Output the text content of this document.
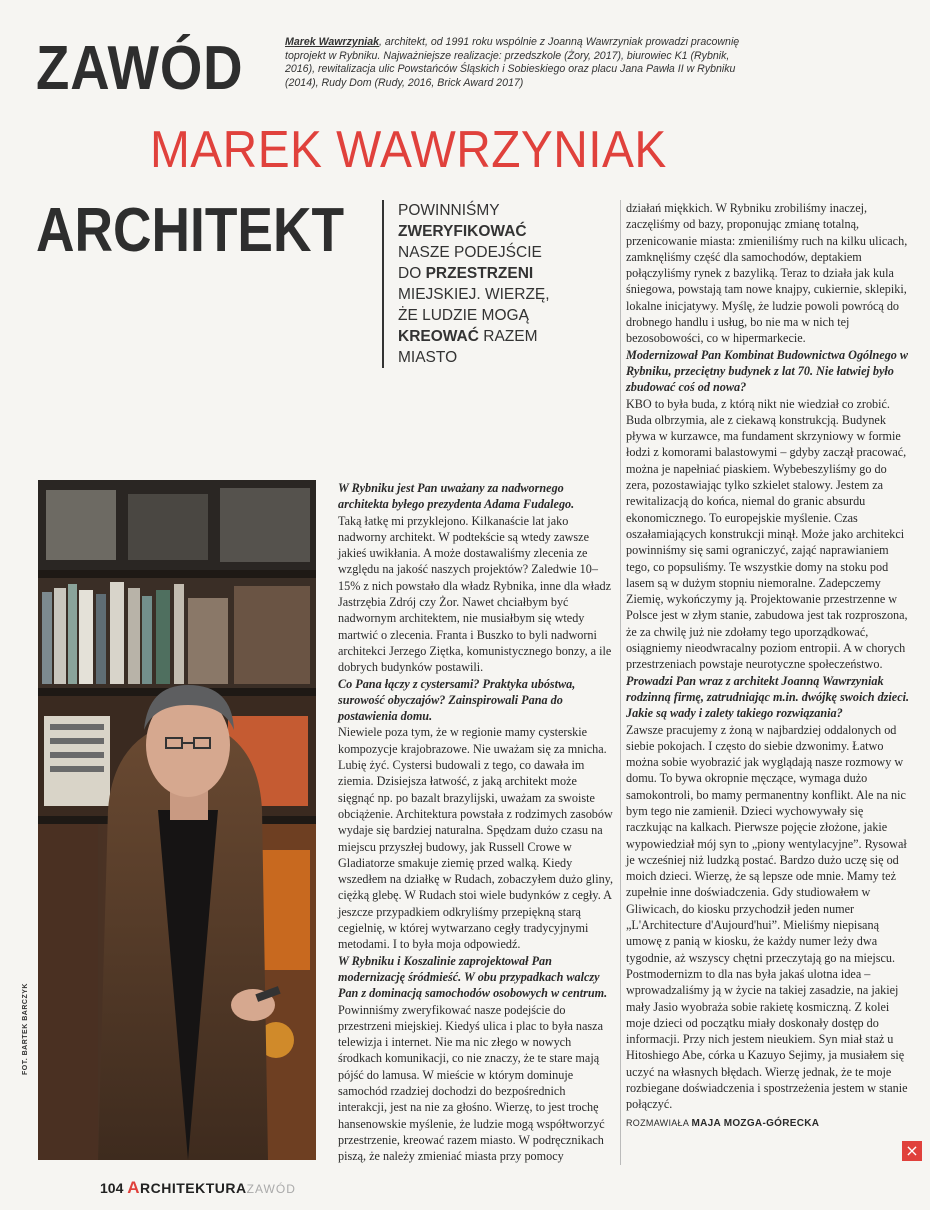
ZAWÓD	Marek Wawrzyniak, architekt, od 1991 roku wspólnie z Joanną Wawrzyniak prowadzi pracownię toprojekt w Rybniku. Najważniejsze realizacje: przedszkole (Żory, 2017), biurowiec K1 (Rybnik, 2016), rewitalizacja ulic Powstańców Śląskich i Sobieskiego oraz placu Jana Pawła II w Rybniku (2014), Rudy Dom (Rudy, 2016, Brick Award 2017)
MAREK WAWRZYNIAK
ARCHITEKT	POWINNIŚMY
ZWERYFIKOWAĆ
NASZE PODEJŚCIE
DO PRZESTRZENI
MIEJSKIEJ. WIERZĘ,
ŻE LUDZIE MOGĄ
KREOWAĆ RAZEM
MIASTO
FOT. BARTEK BARCZYK

W Rybniku jest Pan uważany za nadwornego architekta byłego prezydenta Adama Fudalego.

Taką łatkę mi przyklejono. Kilkanaście lat jako nadworny architekt. W podtekście są wtedy zawsze jakieś uwikłania. A może dostawaliśmy zlecenia ze względu na jakość naszych projektów? Zaledwie 10–15% z nich powstało dla władz Rybnika, inne dla władz Jastrzębia Zdrój czy Żor. Nawet chciałbym być nadwornym architektem, nie musiałbym się wtedy martwić o zlecenia. Franta i Buszko to byli nadworni architekci Jerzego Ziętka, komunistycznego bonzy, a ile dobrych budynków postawili.

Co Pana łączy z cystersami? Praktyka ubóstwa, surowość obyczajów? Zainspirowali Pana do postawienia domu.

Niewiele poza tym, że w regionie mamy cysterskie kompozycje krajobrazowe. Nie uważam się za mnicha. Lubię żyć. Cystersi budowali z tego, co dawała im ziemia. Dzisiejsza łatwość, z jaką architekt może sięgnąć np. po bazalt brazylijski, uważam za swoiste obciążenie. Architektura powstała z rodzimych zasobów wydaje się bardziej naturalna. Spędzam dużo czasu na miejscu przyszłej budowy, jak Russell Crowe w Gladiatorze smakuje ziemię przed walką. Kiedy wszedłem na działkę w Rudach, zobaczyłem dużo gliny, ciężką glebę. W Rudach stoi wiele budynków z cegły. A jeszcze przypadkiem odkryliśmy przepiękną starą cegielnię, w której wytwarzano cegły tradycyjnymi metodami. I to była moja odpowiedź.

W Rybniku i Koszalinie zaprojektował Pan modernizację śródmieść. W obu przypadkach walczy Pan z dominacją samochodów osobowych w centrum.

Powinniśmy zweryfikować nasze podejście do przestrzeni miejskiej. Kiedyś ulica i plac to była nasza telewizja i internet. Nie ma nic złego w nowych środkach komunikacji, co nie znaczy, że te stare mają pójść do lamusa. W mieście w którym dominuje samochód rzadziej dochodzi do bezpośrednich interakcji, jest na nie za głośno. Wierzę, to jest trochę hansenowskie myślenie, że ludzie mogą współtworzyć przestrzenie, kreować razem miasto. W podręcznikach piszą, że należy zmieniać miasta przy pomocy

działań miękkich. W Rybniku zrobiliśmy inaczej, zaczęliśmy od bazy, proponując zmianę totalną, przenicowanie miasta: zmieniliśmy ruch na kilku ulicach, zamknęliśmy część dla samochodów, deptakiem połączyliśmy rynek z bazyliką. Teraz to działa jak kula śniegowa, powstają tam nowe knajpy, cukiernie, sklepiki, lokalne inicjatywy. Myślę, że ludzie powoli powrócą do drobnego handlu i usług, bo nie ma w nich tej bezosobowości, co w hipermarkecie.

Modernizował Pan Kombinat Budownictwa Ogólnego w Rybniku, przeciętny budynek z lat 70. Nie łatwiej było zbudować coś od nowa?

KBO to była buda, z którą nikt nie wiedział co zrobić. Buda olbrzymia, ale z ciekawą konstrukcją. Budynek pływa w kurzawce, ma fundament skrzyniowy w formie łodzi z komorami balastowymi – gdyby zaczął pracować, można je napełniać piaskiem. Wybebeszyliśmy go do zera, pozostawiając tylko szkielet stalowy. Jestem za rewitalizacją do końca, niemal do granic absurdu ekonomicznego. To europejskie myślenie. Czas oszałamiających konstrukcji minął. Może jako architekci powinniśmy się sami ograniczyć, zająć naprawianiem tego, co popsuliśmy. Te wszystkie domy na stoku pod lasem są w dużym stopniu niemoralne. Zadepczemy Ziemię, wykończymy ją. Projektowanie przestrzenne w Polsce jest w złym stanie, zabudowa jest tak rozproszona, że za chwilę już nie zdołamy tego uporządkować, osiągniemy nieodwracalny poziom entropii. A w chorych przestrzeniach powstaje neurotyczne społeczeństwo.

Prowadzi Pan wraz z architekt Joanną Wawrzyniak rodzinną firmę, zatrudniając m.in. dwójkę swoich dzieci. Jakie są wady i zalety takiego rozwiązania?

Zawsze pracujemy z żoną w najbardziej oddalonych od siebie pokojach. I często do siebie dzwonimy. Łatwo można sobie wyobrazić jak wyglądają nasze rozmowy w domu. To bywa okropnie męczące, wymaga dużo samokontroli, bo mamy permanentny konflikt. Ale na nic bym tego nie zamienił. Dzieci wychowywały się raczkując na kalkach. Pierwsze pojęcie złożone, jakie wypowiedział mój syn to „piony wentylacyjne”. Rysował je wcześniej niż ludzką postać. Bardzo dużo uczę się od moich dzieci. Wierzę, że są lepsze ode mnie. Mamy też zupełnie inne doświadczenia. Gdy studiowałem w Gliwicach, do kiosku przychodził jeden numer „L'Architecture d'Aujourd'hui”. Mieliśmy niepisaną umowę z panią w kiosku, że każdy numer leży dwa tygodnie, aż wszyscy chętni przeczytają go na miejscu. Postmodernizm to dla nas była jakaś ulotna idea – wprowadzaliśmy ją w życie na takiej zasadzie, na jakiej mały Jasio wyobraża sobie rakietę kosmiczną. Z kolei moje dzieci od początku miały doskonały dostęp do informacji. Przy nich jestem nieukiem. Syn miał staż u Hitoshiego Abe, córka u Kazuyo Sejimy, ja musiałem się uczyć na własnych błędach. Wierzę jednak, że te moje rozbiegane doświadczenia i spostrzeżenia jestem w stanie połączyć.

ROZMAWIAŁA MAJA MOZGA-GÓRECKA
×
104 ARCHITEKTURAZAWÓD
